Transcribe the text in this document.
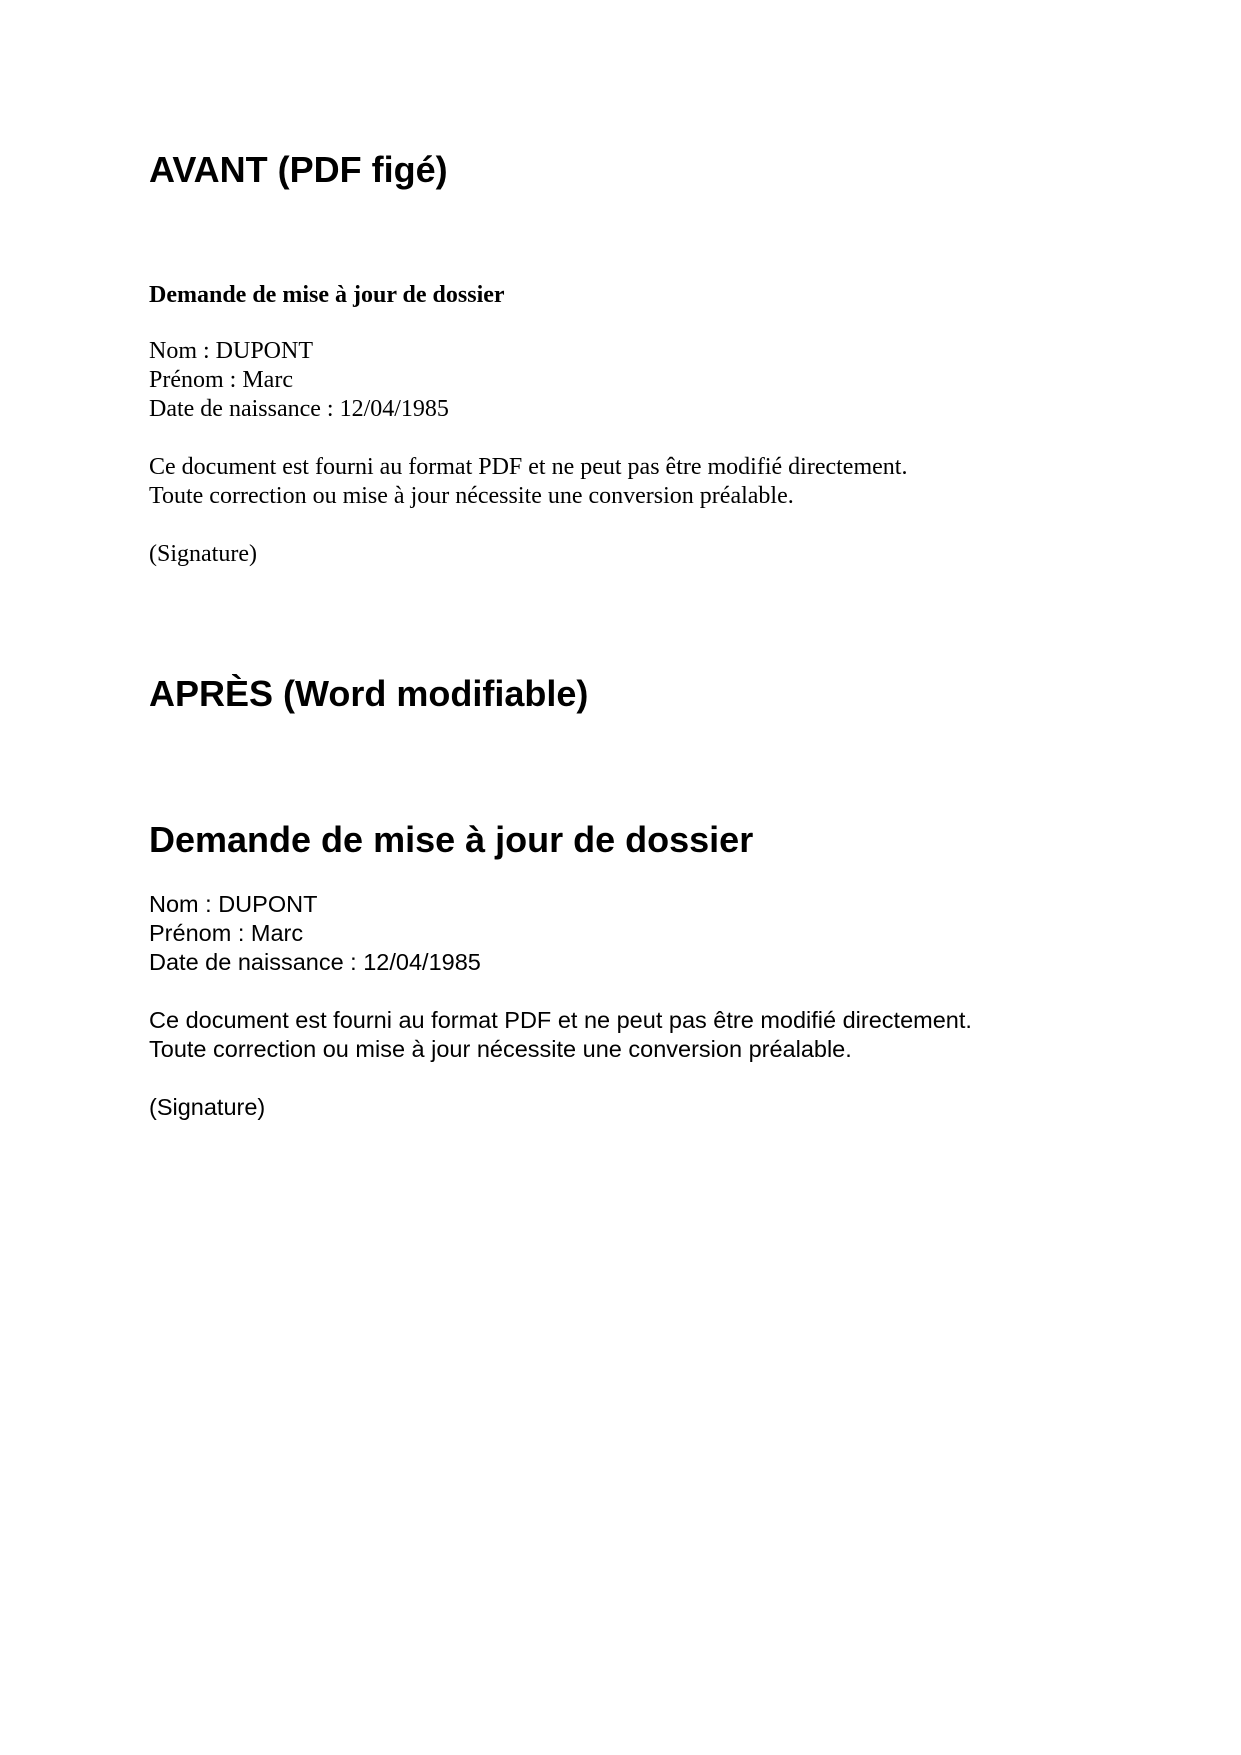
AVANT (PDF figé)
Demande de mise à jour de dossier
Nom : DUPONT
Prénom : Marc
Date de naissance : 12/04/1985
Ce document est fourni au format PDF et ne peut pas être modifié directement.
Toute correction ou mise à jour nécessite une conversion préalable.
(Signature)
APRÈS (Word modifiable)
Demande de mise à jour de dossier
Nom : DUPONT
Prénom : Marc
Date de naissance : 12/04/1985
Ce document est fourni au format PDF et ne peut pas être modifié directement.
Toute correction ou mise à jour nécessite une conversion préalable.
(Signature)
